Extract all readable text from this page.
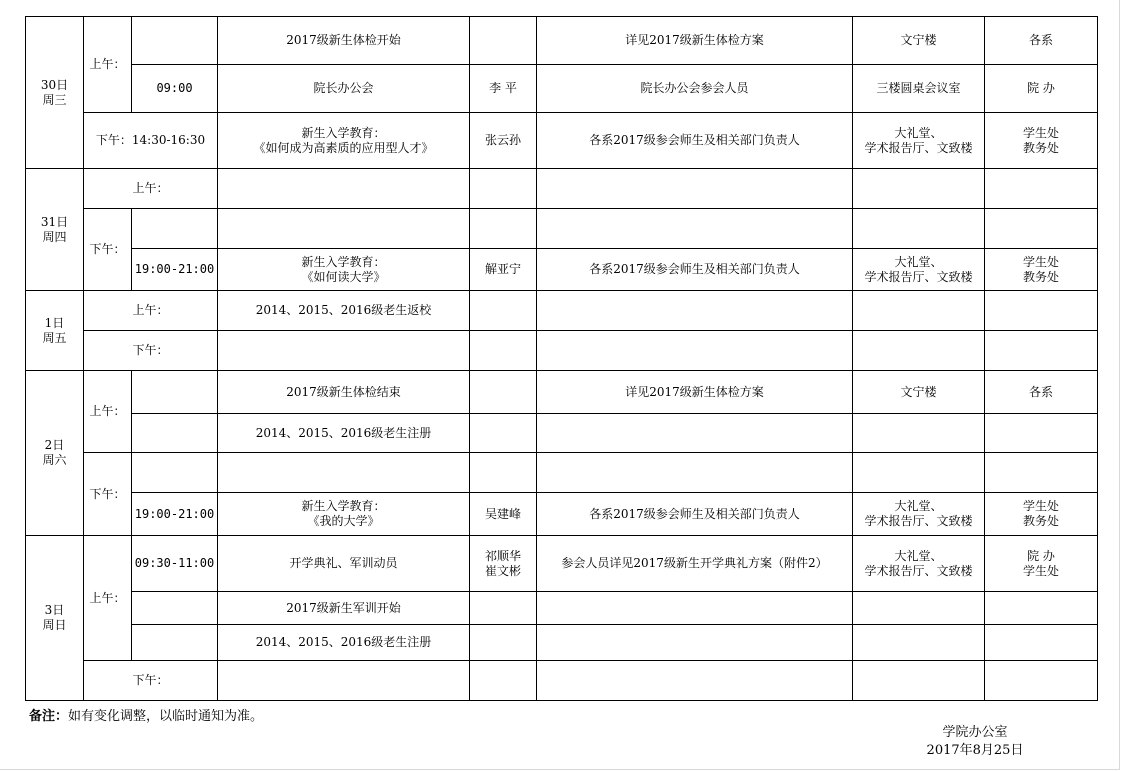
30日
周三	上午：		2017级新生体检开始		详见2017级新生体检方案	文宁楼	各系
		09:00	院长办公会	李 平	院长办公会参会人员	三楼圆桌会议室	院 办
	下午：14:30-16:30		新生入学教育：
《如何成为高素质的应用型人才》	张云孙	各系2017级参会师生及相关部门负责人	大礼堂、
学术报告厅、文致楼	学生处
教务处

31日
周四	上午：						
	下午：						
		19:00-21:00	新生入学教育：
《如何读大学》	解亚宁	各系2017级参会师生及相关部门负责人	大礼堂、
学术报告厅、文致楼	学生处
教务处

1日
周五	上午：		2014、2015、2016级老生返校				
	下午：						

2日
周六	上午：		2017级新生体检结束		详见2017级新生体检方案	文宁楼	各系
			2014、2015、2016级老生注册				
	下午：						
		19:00-21:00	新生入学教育：
《我的大学》	吴建峰	各系2017级参会师生及相关部门负责人	大礼堂、
学术报告厅、文致楼	学生处
教务处

3日
周日	上午：	09:30-11:00	开学典礼、军训动员	祁顺华
崔文彬	参会人员详见2017级新生开学典礼方案（附件2）	大礼堂、
学术报告厅、文致楼	院 办
学生处

			2017级新生军训开始				
			2014、2015、2016级老生注册				
	下午：						
备注：如有变化调整，以临时通知为准。
学院办公室
2017年8月25日
